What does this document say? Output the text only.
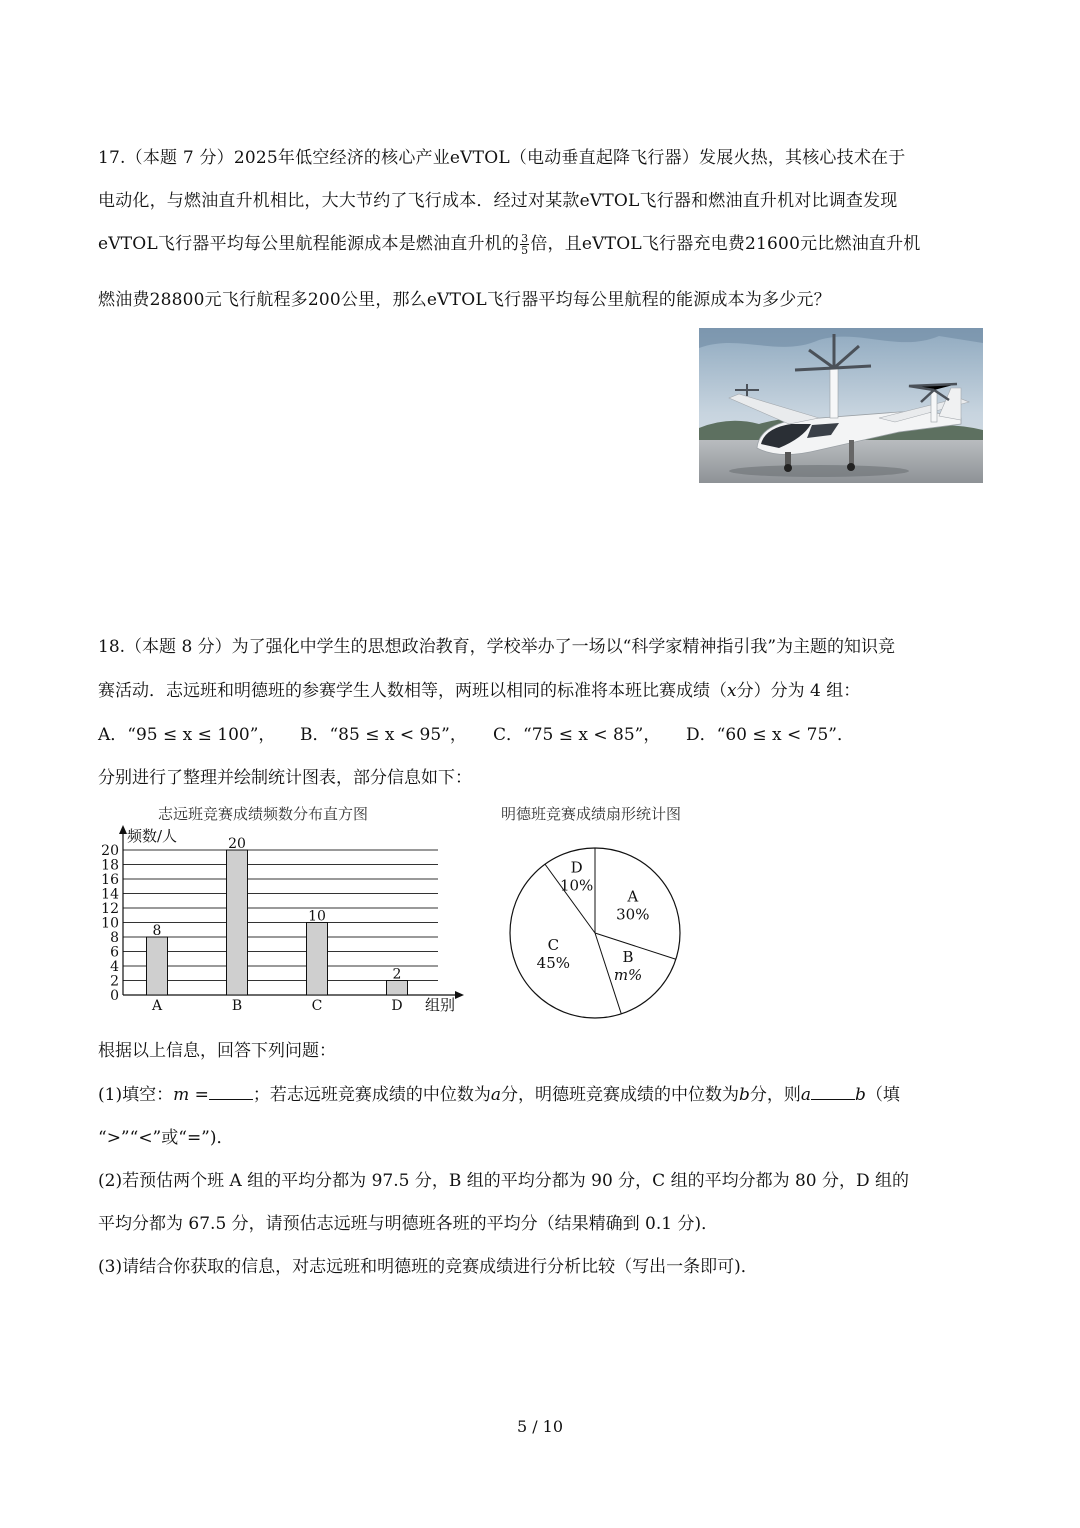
17.（本题 7 分）2025年低空经济的核心产业eVTOL（电动垂直起降飞行器）发展火热，其核心技术在于
电动化，与燃油直升机相比，大大节约了飞行成本．经过对某款eVTOL飞行器和燃油直升机对比调查发现
eVTOL飞行器平均每公里航程能源成本是燃油直升机的 $\frac{3}{5}$ 倍，且eVTOL飞行器充电费21600元比燃油直升机
燃油费28800元飞行航程多200公里，那么eVTOL飞行器平均每公里航程的能源成本为多少元？
18.（本题 8 分）为了强化中学生的思想政治教育，学校举办了一场以“科学家精神指引我”为主题的知识竞
赛活动．志远班和明德班的参赛学生人数相等，两班以相同的标准将本班比赛成绩（x分）分为 4 组：
A．“95 ≤ x ≤ 100”， B．“85 ≤ x < 95”， C．“75 ≤ x < 85”， D．“60 ≤ x < 75”．
分别进行了整理并绘制统计图表，部分信息如下：
志远班竞赛成绩频数分布直方图	明德班竞赛成绩扇形统计图
0
2
4
6
8
10
12
14
16
18
20
频数/人
组别
8
A
20
B
10
C
2
D
A
30%
B
m%
C
45%
D
10%
根据以上信息，回答下列问题：
(1)填空：m =	；若志远班竞赛成绩的中位数为a分，明德班竞赛成绩的中位数为b分，则a	b（填
“>”“<”或“=”)．
(2)若预估两个班 A 组的平均分都为 97.5 分，B 组的平均分都为 90 分，C 组的平均分都为 80 分，D 组的
平均分都为 67.5 分，请预估志远班与明德班各班的平均分（结果精确到 0.1 分)．
(3)请结合你获取的信息，对志远班和明德班的竞赛成绩进行分析比较（写出一条即可)．
5 / 10
